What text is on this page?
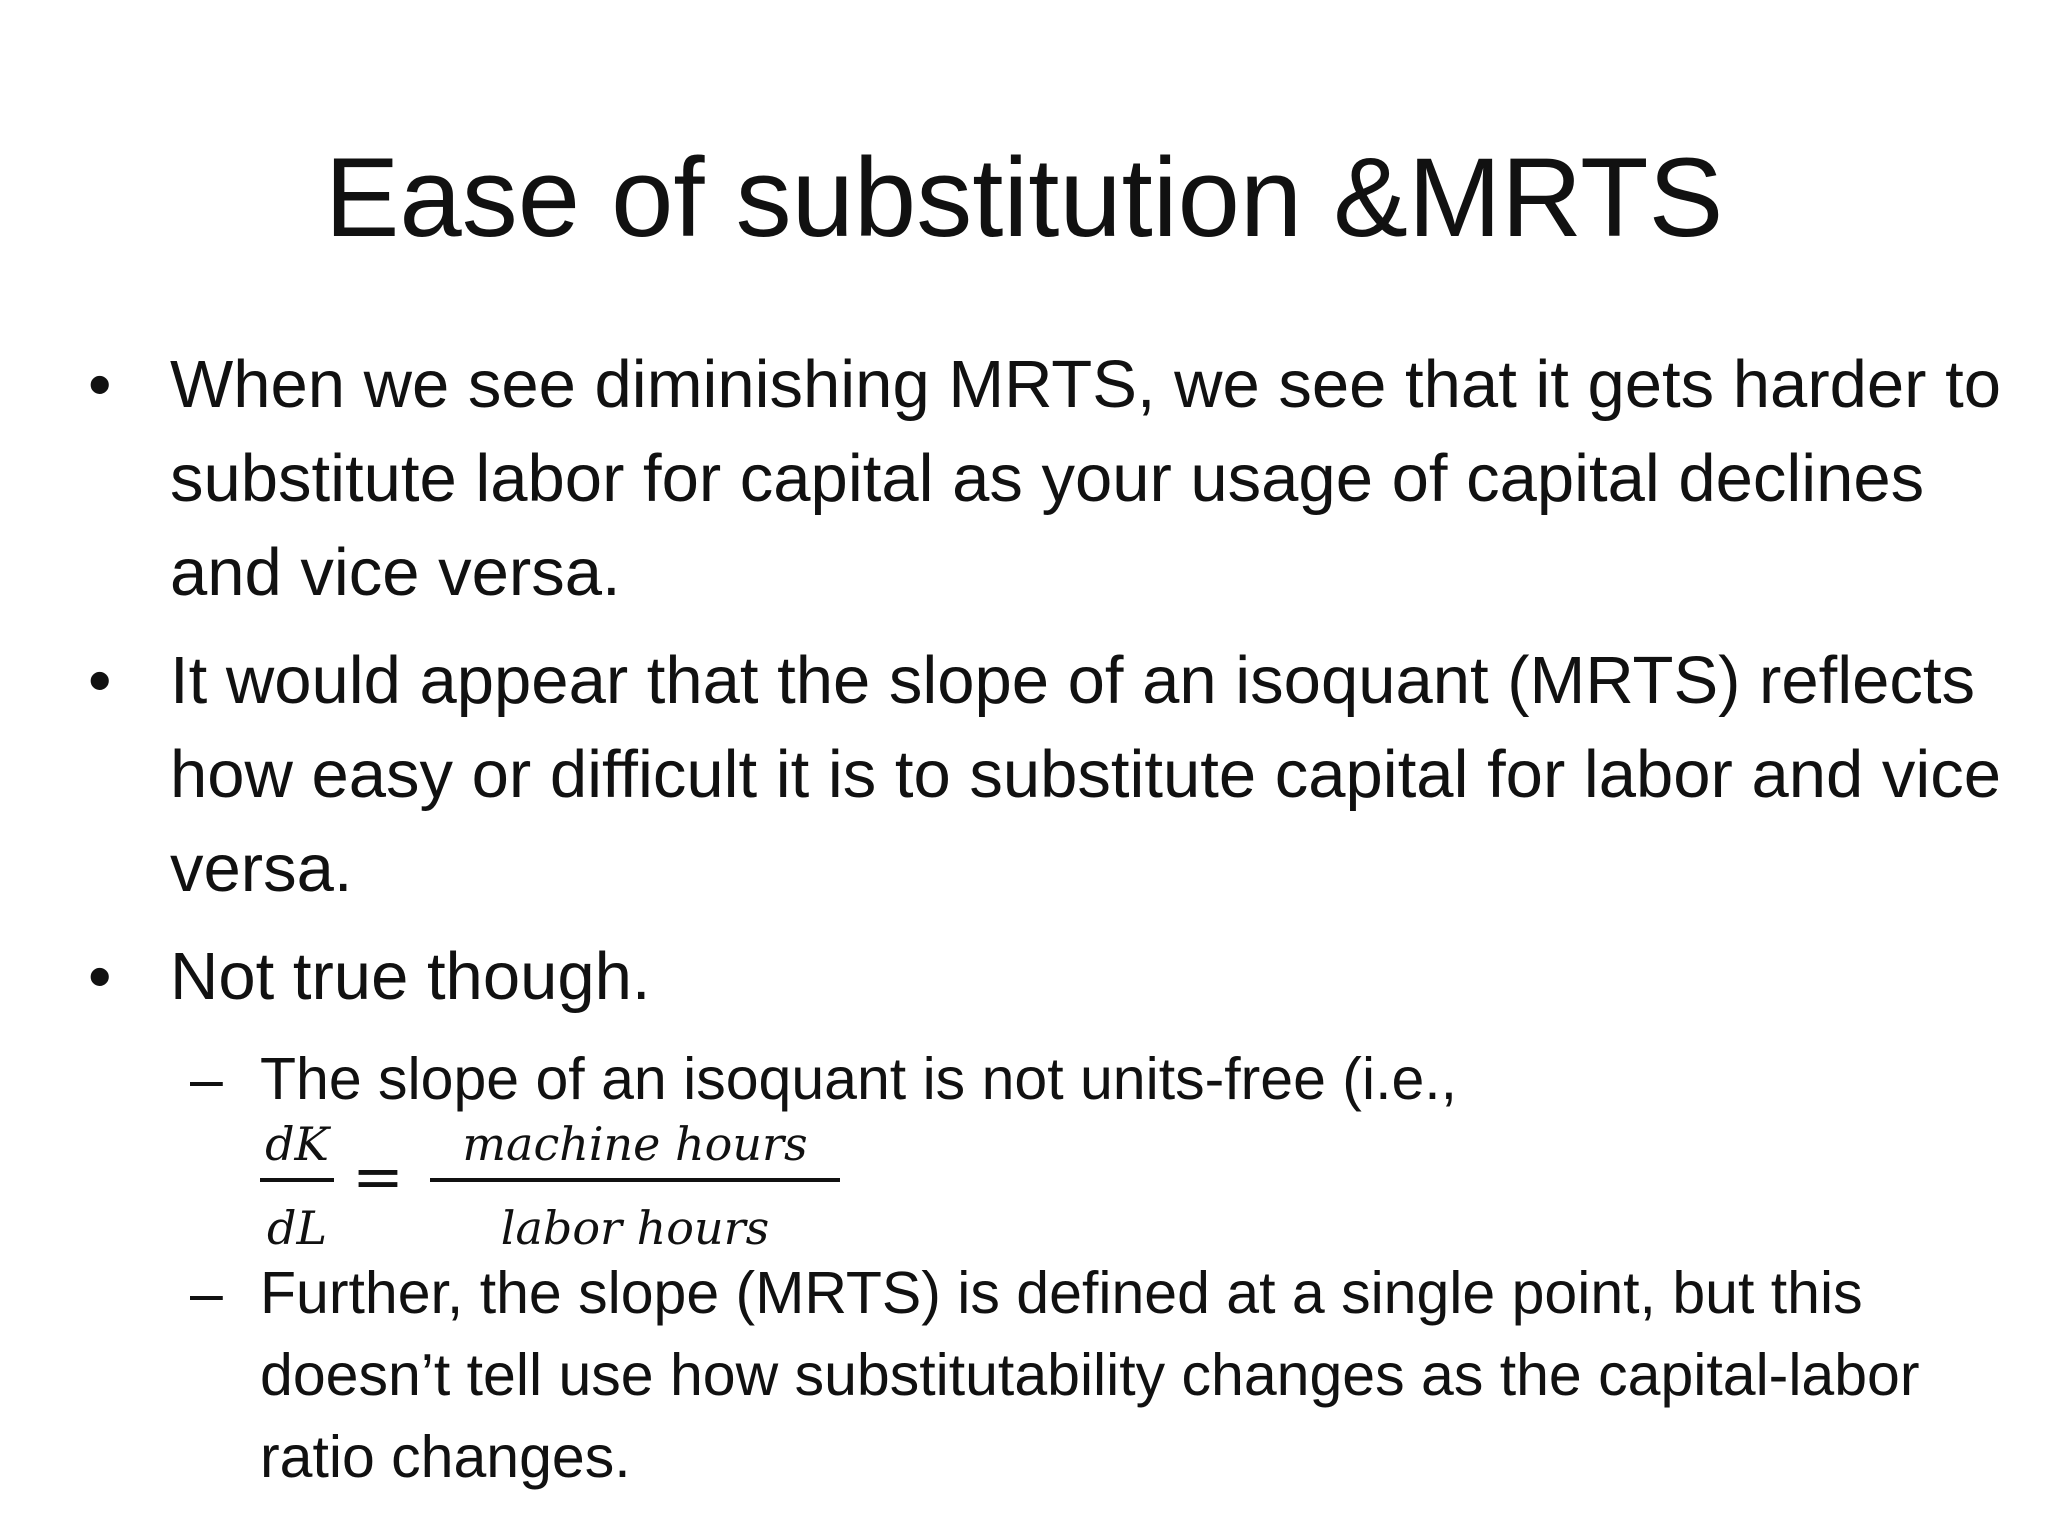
Ease of substitution &MRTS
• When we see diminishing MRTS, we see that it gets harder to substitute labor for capital as your usage of capital declines and vice versa.
• It would appear that the slope of an isoquant (MRTS) reflects how easy or difficult it is to substitute capital for labor and vice versa.
• Not true though.
– The slope of an isoquant is not units-free (i.e.,
dK
dL
=	machine hours
labor hours
– Further, the slope (MRTS) is defined at a single point, but this doesn’t tell use how substitutability changes as the capital-labor ratio changes.
